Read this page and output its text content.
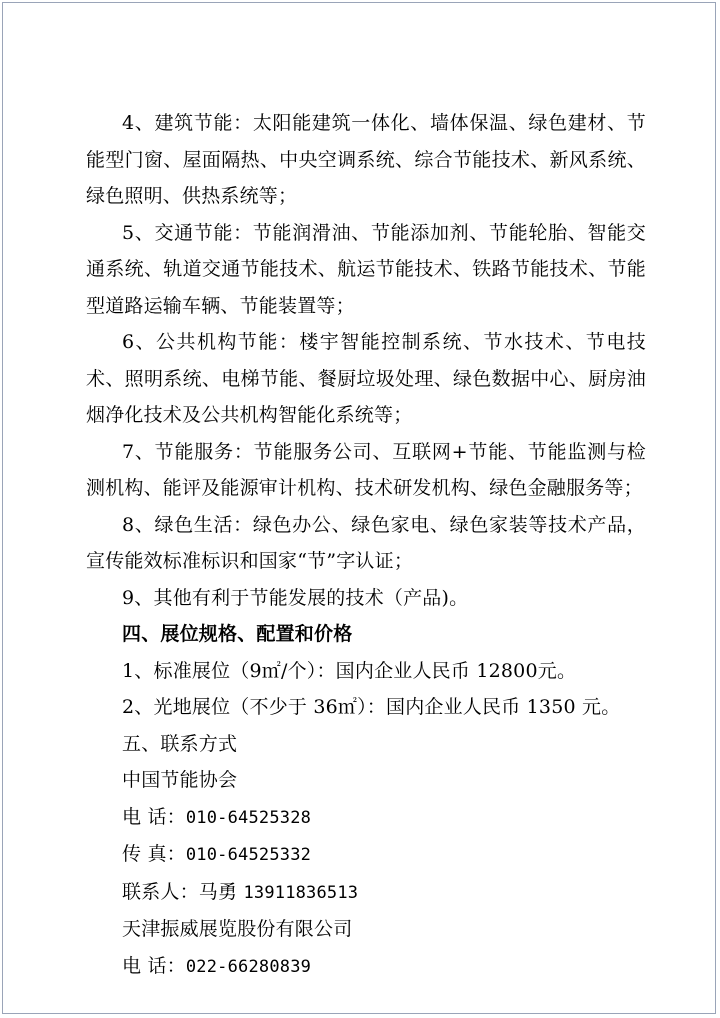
4、建筑节能：太阳能建筑一体化、墙体保温、绿色建材、节能型门窗、屋面隔热、中央空调系统、综合节能技术、新风系统、绿色照明、供热系统等；

5、交通节能：节能润滑油、节能添加剂、节能轮胎、智能交通系统、轨道交通节能技术、航运节能技术、铁路节能技术、节能型道路运输车辆、节能装置等；

6、公共机构节能：楼宇智能控制系统、节水技术、节电技术、照明系统、电梯节能、餐厨垃圾处理、绿色数据中心、厨房油烟净化技术及公共机构智能化系统等；

7、节能服务：节能服务公司、互联网+节能、节能监测与检测机构、能评及能源审计机构、技术研发机构、绿色金融服务等；

8、绿色生活：绿色办公、绿色家电、绿色家装等技术产品，宣传能效标准标识和国家“节”字认证；

9、其他有利于节能发展的技术（产品)。

四、展位规格、配置和价格

1、标准展位（9㎡/个）：国内企业人民币 12800元。

2、光地展位（不少于 36㎡）：国内企业人民币 1350 元。

五、联系方式

中国节能协会

电 话：010-64525328

传 真：010-64525332

联系人：马勇 13911836513

天津振威展览股份有限公司

电 话：022-66280839
